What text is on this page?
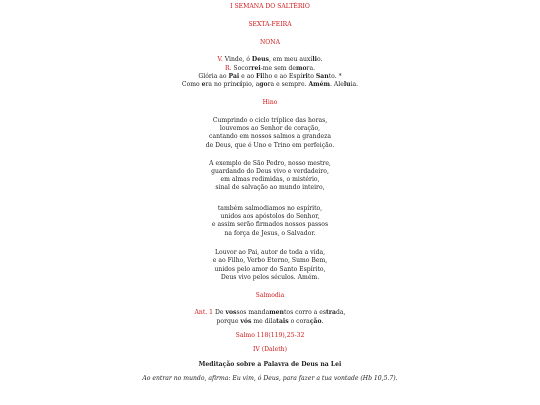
I SEMANA DO SALTÉRIO
SEXTA-FEIRA
NONA
V. Vinde, ó Deus, em meu auxílio.
R. Socorrei-me sem demora.
Glória ao Pai e ao Filho e ao Espírito Santo. *
Como era no princípio, agora e sempre. Amém. Aleluia.
Hino
Cumprindo o ciclo tríplice das horas,
louvemos ao Senhor de coração,
cantando em nossos salmos a grandeza
de Deus, que é Uno e Trino em perfeição.
A exemplo de São Pedro, nosso mestre,
guardando do Deus vivo e verdadeiro,
em almas redimidas, o mistério,
sinal de salvação ao mundo inteiro,
também salmodiamos no espírito,
unidos aos apóstolos do Senhor,
e assim serão firmados nossos passos
na força de Jesus, o Salvador.
Louvor ao Pai, autor de toda a vida,
e ao Filho, Verbo Eterno, Sumo Bem,
unidos pelo amor do Santo Espírito,
Deus vivo pelos séculos. Amém.
Salmodia
Ant. 1 De vossos mandamentos corro a estrada,
porque vós me dilatais o coração.
Salmo 118(119),25-32
IV (Daleth)
Meditação sobre a Palavra de Deus na Lei
Ao entrar no mundo, afirma: Eu vim, ó Deus, para fazer a tua vontade (Hb 10,5.7).
